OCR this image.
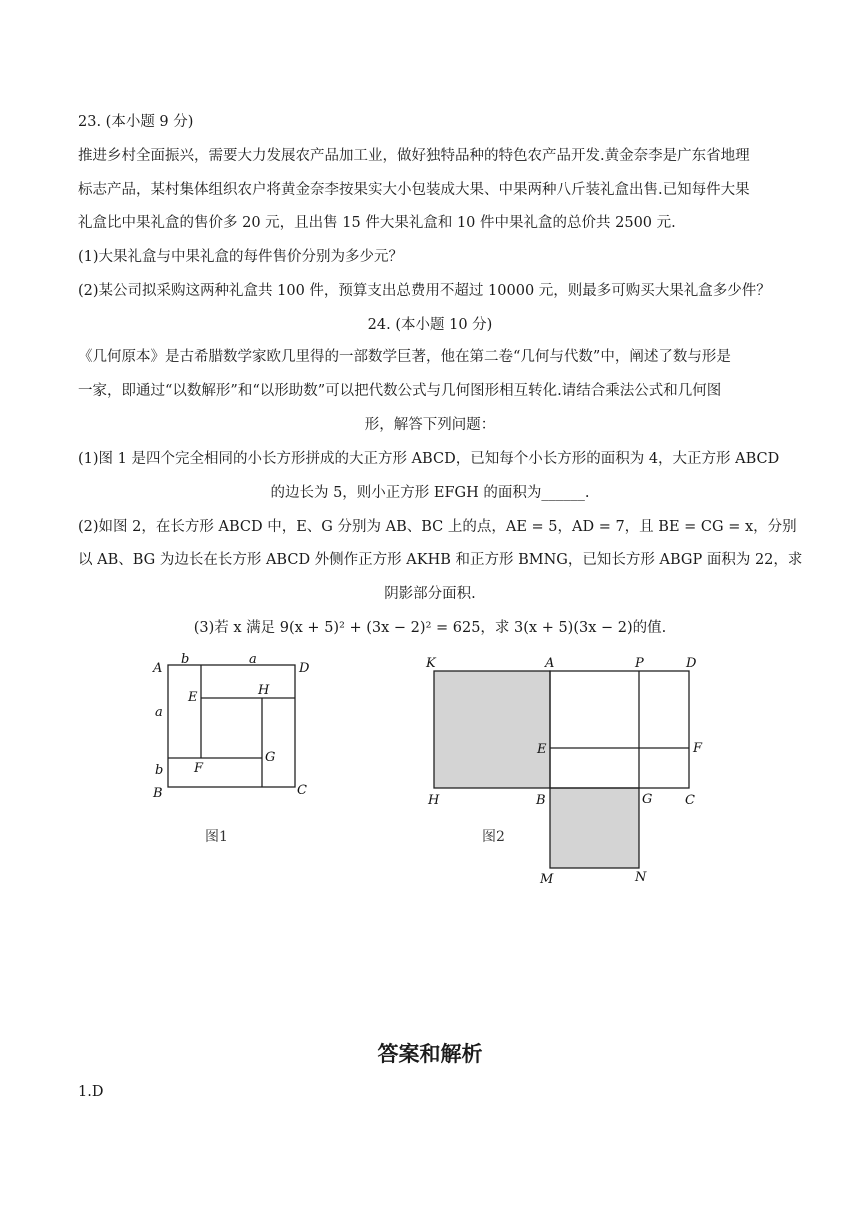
23. (本小题 9 分)
推进乡村全面振兴，需要大力发展农产品加工业，做好独特品种的特色农产品开发.黄金奈李是广东省地理
标志产品，某村集体组织农户将黄金奈李按果实大小包装成大果、中果两种八斤装礼盒出售.已知每件大果
礼盒比中果礼盒的售价多 20 元，且出售 15 件大果礼盒和 10 件中果礼盒的总价共 2500 元.
(1)大果礼盒与中果礼盒的每件售价分别为多少元？
(2)某公司拟采购这两种礼盒共 100 件，预算支出总费用不超过 10000 元，则最多可购买大果礼盒多少件？
24. (本小题 10 分)
《几何原本》是古希腊数学家欧几里得的一部数学巨著，他在第二卷“几何与代数”中，阐述了数与形是
一家，即通过“以数解形”和“以形助数”可以把代数公式与几何图形相互转化.请结合乘法公式和几何图
形，解答下列问题：
(1)图 1 是四个完全相同的小长方形拼成的大正方形 ABCD，已知每个小长方形的面积为 4，大正方形 ABCD
的边长为 5，则小正方形 EFGH 的面积为______.
(2)如图 2，在长方形 ABCD 中，E、G 分别为 AB、BC 上的点，AE = 5，AD = 7，且 BE = CG = x，分别
以 AB、BG 为边长在长方形 ABCD 外侧作正方形 AKHB 和正方形 BMNG，已知长方形 ABGP 面积为 22，求
阴影部分面积.
(3)若 x 满足 9(x + 5)² + (3x − 2)² = 625，求 3(x + 5)(3x − 2)的值.
A
b	a
D
E	H
a
G
b F
B	C
图1
K	A	P	D
E	F
H	B	G	C
M	N
图2
答案和解析
1.D
